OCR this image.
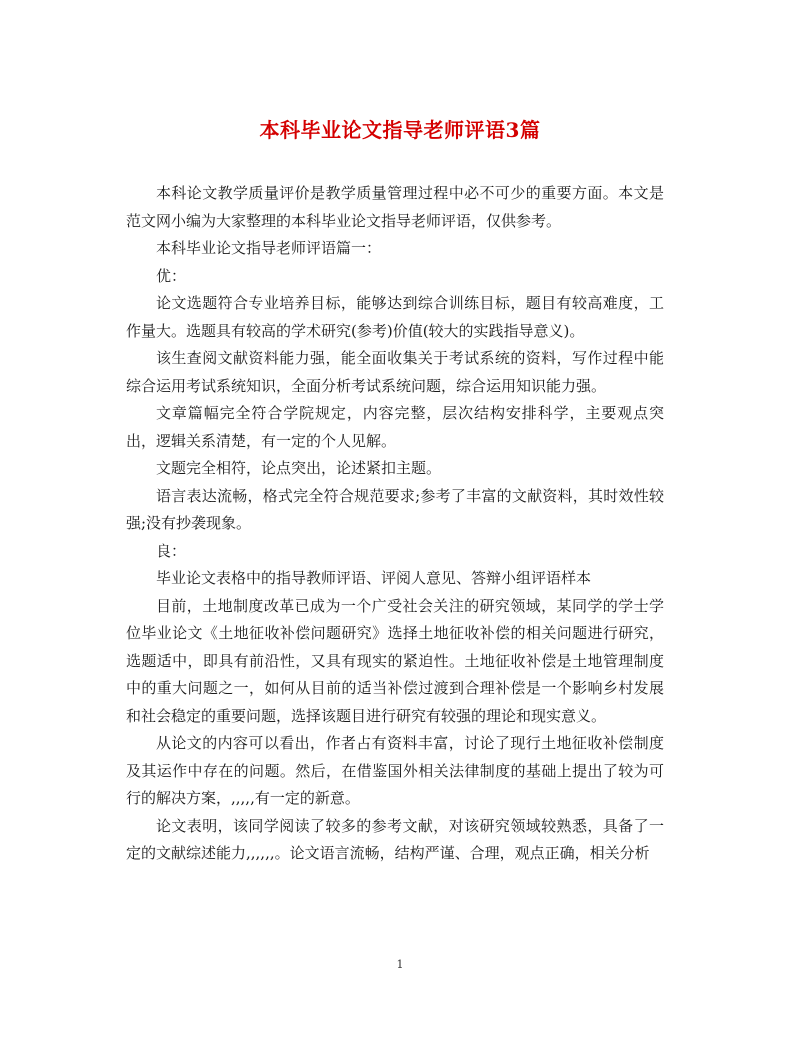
本科毕业论文指导老师评语3篇

本科论文教学质量评价是教学质量管理过程中必不可少的重要方面。本文是范文网小编为大家整理的本科毕业论文指导老师评语，仅供参考。

本科毕业论文指导老师评语篇一：

优：

论文选题符合专业培养目标，能够达到综合训练目标，题目有较高难度，工作量大。选题具有较高的学术研究(参考)价值(较大的实践指导意义)。

该生查阅文献资料能力强，能全面收集关于考试系统的资料，写作过程中能综合运用考试系统知识，全面分析考试系统问题，综合运用知识能力强。

文章篇幅完全符合学院规定，内容完整，层次结构安排科学，主要观点突出，逻辑关系清楚，有一定的个人见解。

文题完全相符，论点突出，论述紧扣主题。

语言表达流畅，格式完全符合规范要求;参考了丰富的文献资料，其时效性较强;没有抄袭现象。

良：

毕业论文表格中的指导教师评语、评阅人意见、答辩小组评语样本

目前，土地制度改革已成为一个广受社会关注的研究领域，某同学的学士学位毕业论文《土地征收补偿问题研究》选择土地征收补偿的相关问题进行研究，选题适中，即具有前沿性，又具有现实的紧迫性。土地征收补偿是土地管理制度中的重大问题之一，如何从目前的适当补偿过渡到合理补偿是一个影响乡村发展和社会稳定的重要问题，选择该题目进行研究有较强的理论和现实意义。

从论文的内容可以看出，作者占有资料丰富，讨论了现行土地征收补偿制度及其运作中存在的问题。然后，在借鉴国外相关法律制度的基础上提出了较为可行的解决方案，,,,,,有一定的新意。

论文表明，该同学阅读了较多的参考文献，对该研究领域较熟悉，具备了一定的文献综述能力,,,,,,。论文语言流畅，结构严谨、合理，观点正确，相关分析

1
